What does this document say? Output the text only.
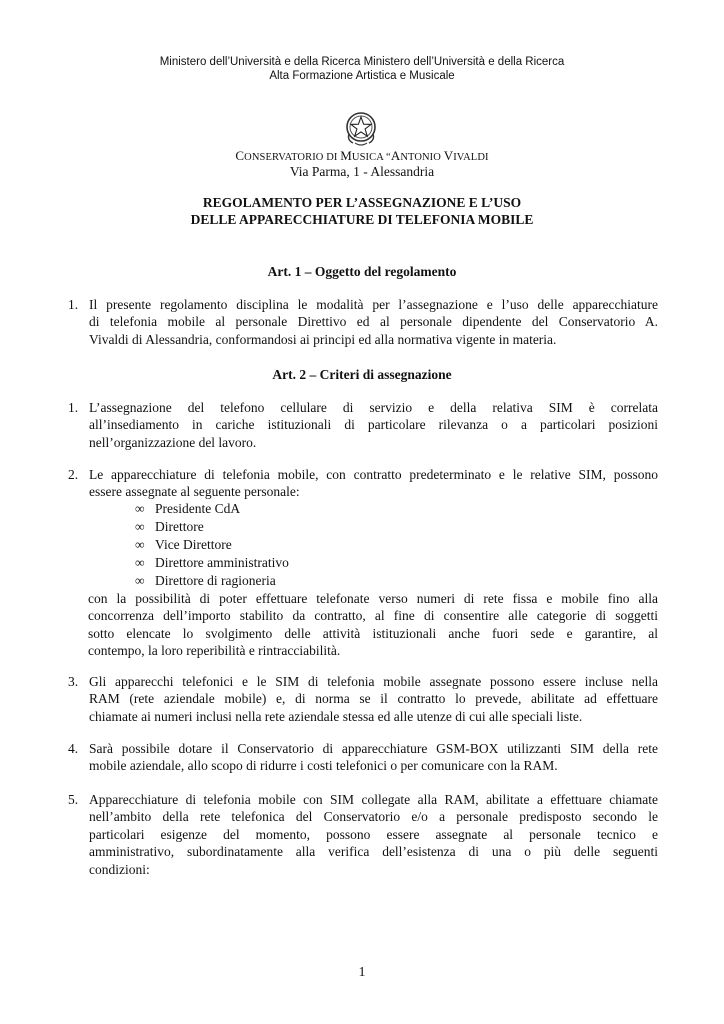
Ministero dell’Università e della Ricerca Ministero dell’Università e della Ricerca
Alta Formazione Artistica e Musicale
CONSERVATORIO DI MUSICA “ANTONIO VIVALDI
Via Parma, 1 - Alessandria
REGOLAMENTO PER L’ASSEGNAZIONE E L’USO
DELLE APPARECCHIATURE DI TELEFONIA MOBILE
Art. 1 – Oggetto del regolamento
1. Il presente regolamento disciplina le modalità per l’assegnazione e l’uso delle apparecchiature
di telefonia mobile al personale Direttivo ed al personale dipendente del Conservatorio A.
Vivaldi di Alessandria, conformandosi ai principi ed alla normativa vigente in materia.
Art. 2 – Criteri di assegnazione
1. L’assegnazione del telefono cellulare di servizio e della relativa SIM è correlata
all’insediamento in cariche istituzionali di particolare rilevanza o a particolari posizioni
nell’organizzazione del lavoro.
2. Le apparecchiature di telefonia mobile, con contratto predeterminato e le relative SIM, possono
essere assegnate al seguente personale:
∞ Presidente CdA
∞ Direttore
∞ Vice Direttore
∞ Direttore amministrativo
∞ Direttore di ragioneria
con la possibilità di poter effettuare telefonate verso numeri di rete fissa e mobile fino alla
concorrenza dell’importo stabilito da contratto, al fine di consentire alle categorie di soggetti
sotto elencate lo svolgimento delle attività istituzionali anche fuori sede e garantire, al
contempo, la loro reperibilità e rintracciabilità.
3. Gli apparecchi telefonici e le SIM di telefonia mobile assegnate possono essere incluse nella
RAM (rete aziendale mobile) e, di norma se il contratto lo prevede, abilitate ad effettuare
chiamate ai numeri inclusi nella rete aziendale stessa ed alle utenze di cui alle speciali liste.
4. Sarà possibile dotare il Conservatorio di apparecchiature GSM-BOX utilizzanti SIM della rete
mobile aziendale, allo scopo di ridurre i costi telefonici o per comunicare con la RAM.
5. Apparecchiature di telefonia mobile con SIM collegate alla RAM, abilitate a effettuare chiamate
nell’ambito della rete telefonica del Conservatorio e/o a personale predisposto secondo le
particolari esigenze del momento, possono essere assegnate al personale tecnico e
amministrativo, subordinatamente alla verifica dell’esistenza di una o più delle seguenti
condizioni:
1
